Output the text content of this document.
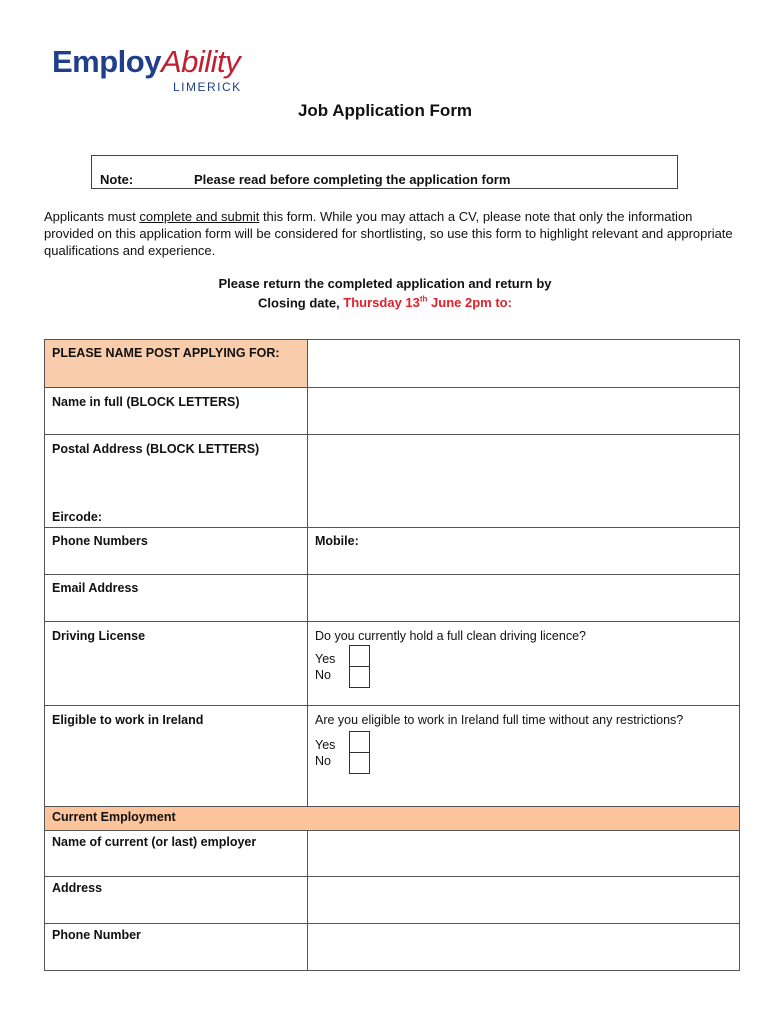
EmployAbility
LIMERICK
Job Application Form
Note:	Please read before completing the application form
Applicants must complete and submit this form. While you may attach a CV, please note that only the information provided on this application form will be considered for shortlisting, so use this form to highlight relevant and appropriate qualifications and experience.
Please return the completed application and return by
Closing date, Thursday 13th June 2pm to:
PLEASE NAME POST APPLYING FOR:	
Name in full (BLOCK LETTERS)	

Postal Address (BLOCK LETTERS)
Eircode:	

Phone Numbers	Mobile:
Email Address	
Driving License	Do you currently hold a full clean driving licence?
Yes
No

Eligible to work in Ireland	Are you eligible to work in Ireland full time without any restrictions?
Yes
No

Current Employment	
Name of current (or last) employer	
Address	
Phone Number	
